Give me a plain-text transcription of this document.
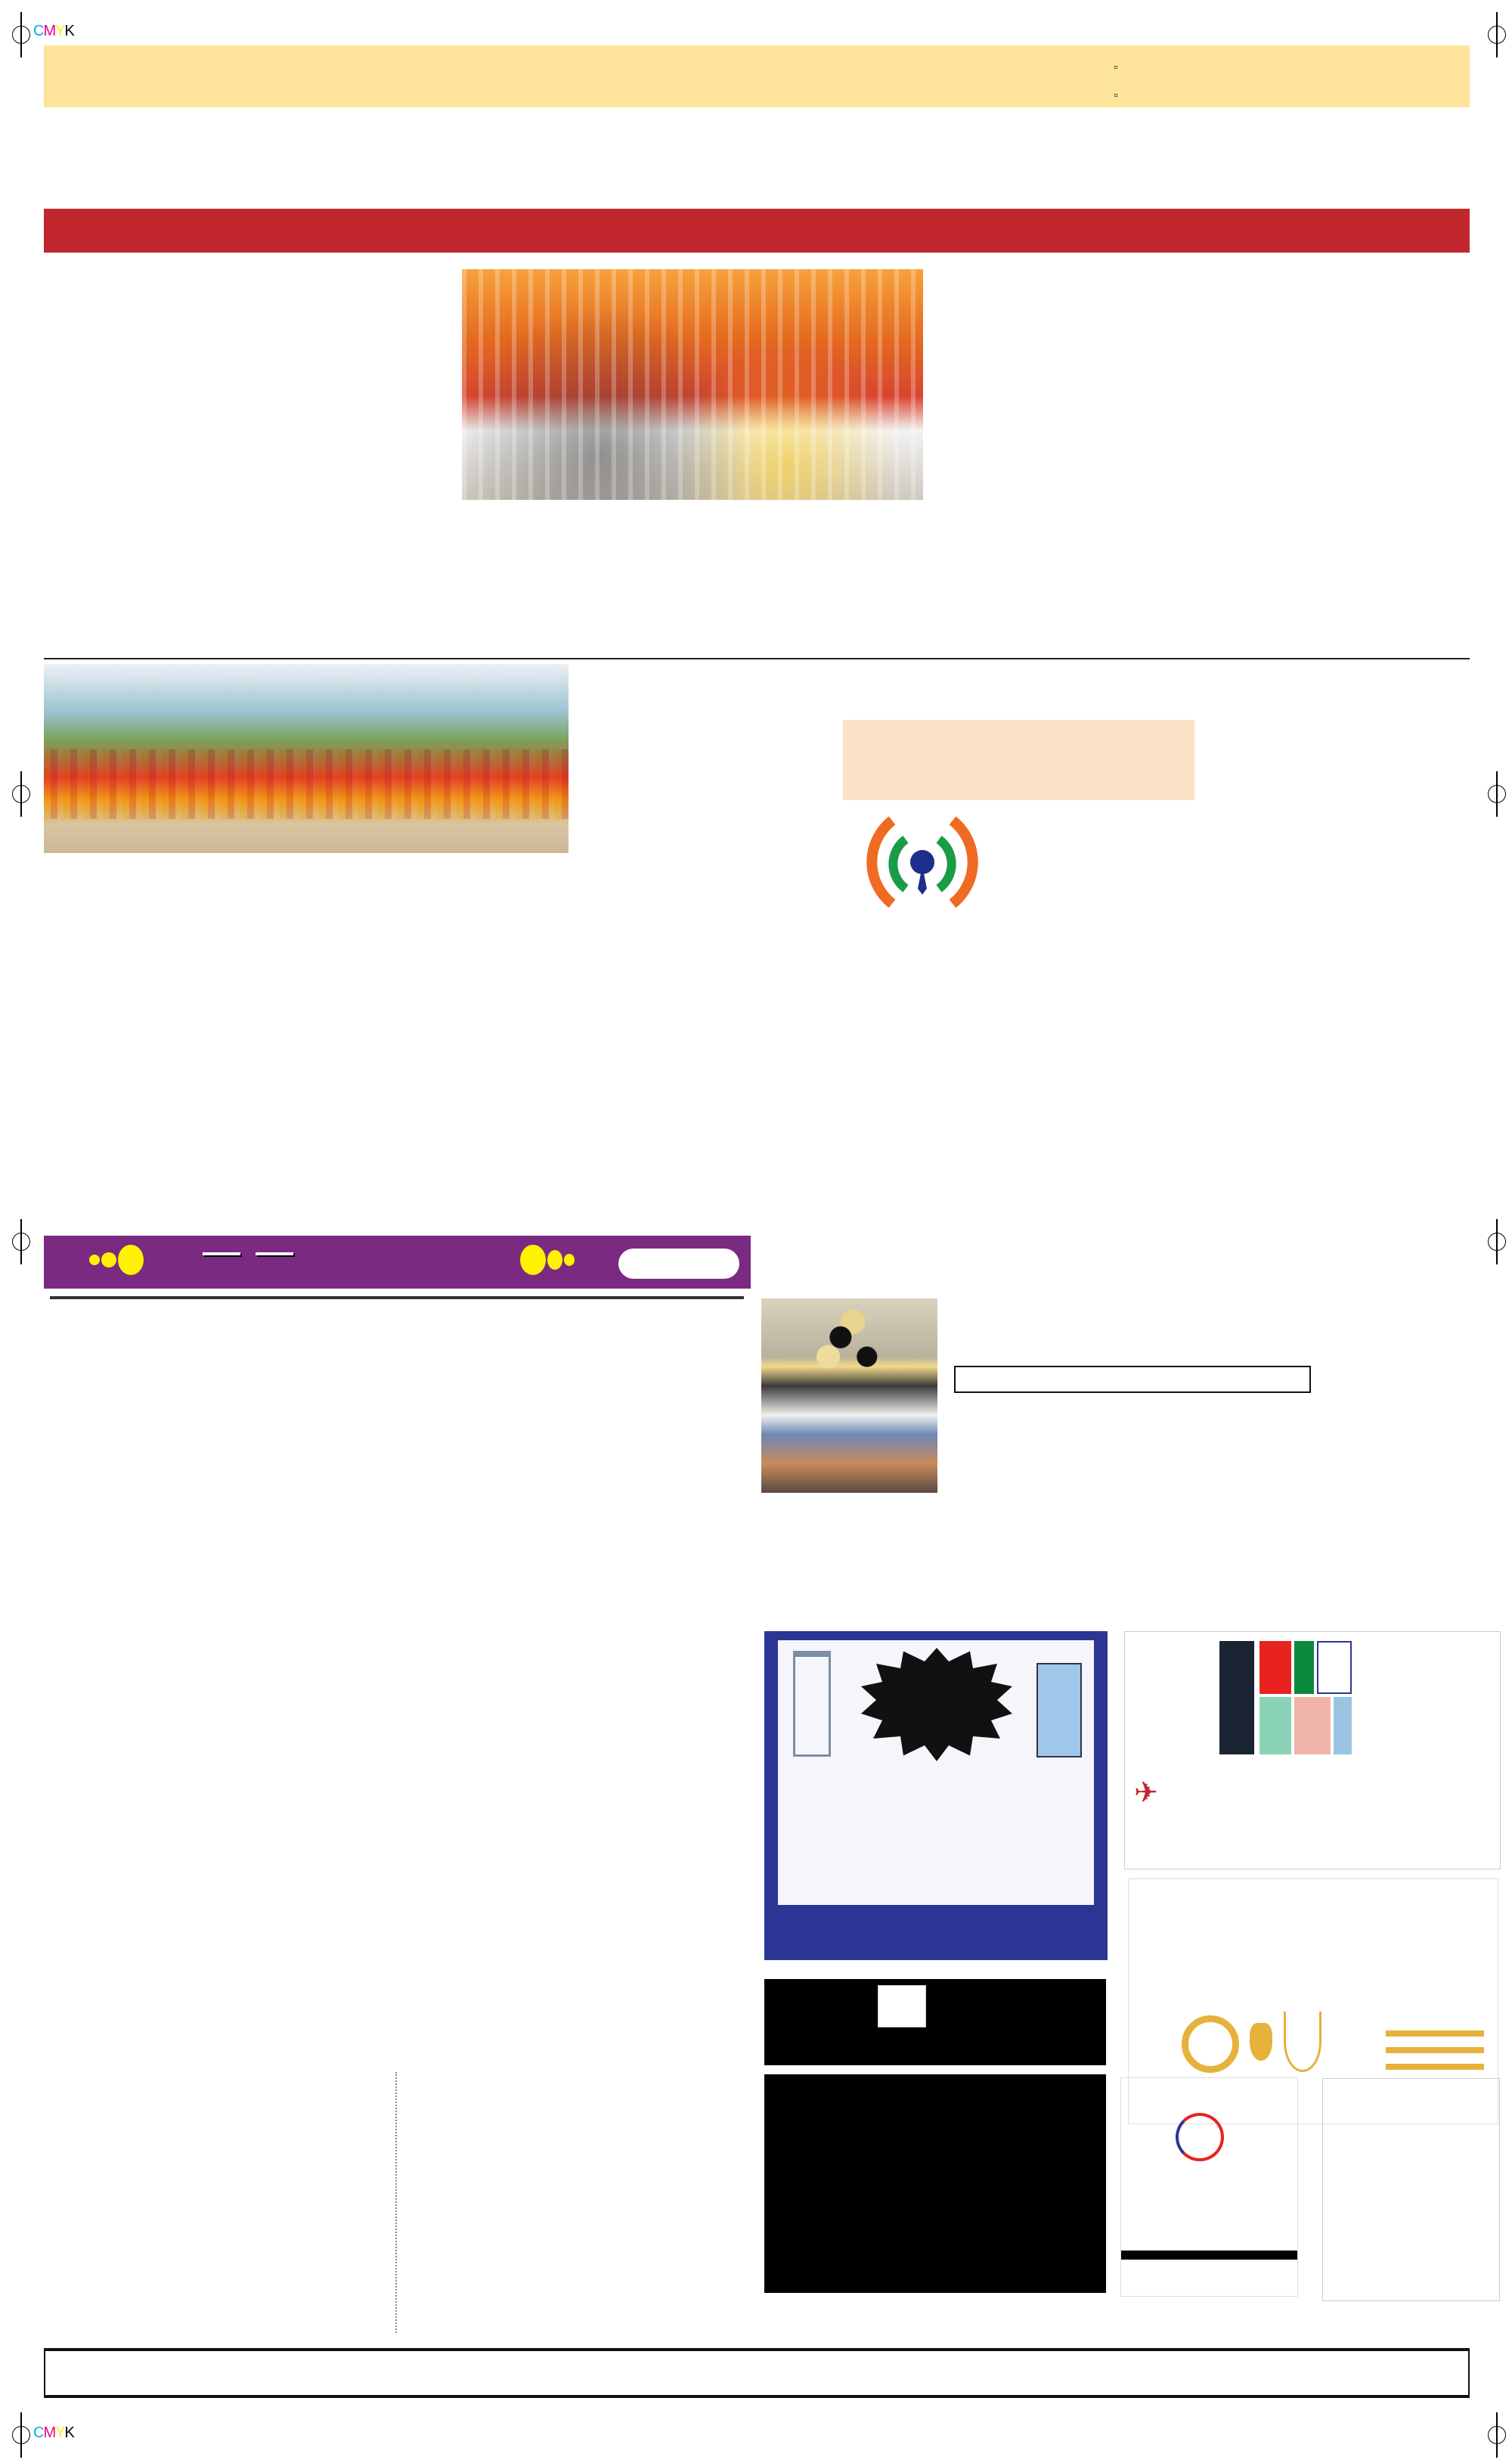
CMYK
CMYK
▫
▫

✈
